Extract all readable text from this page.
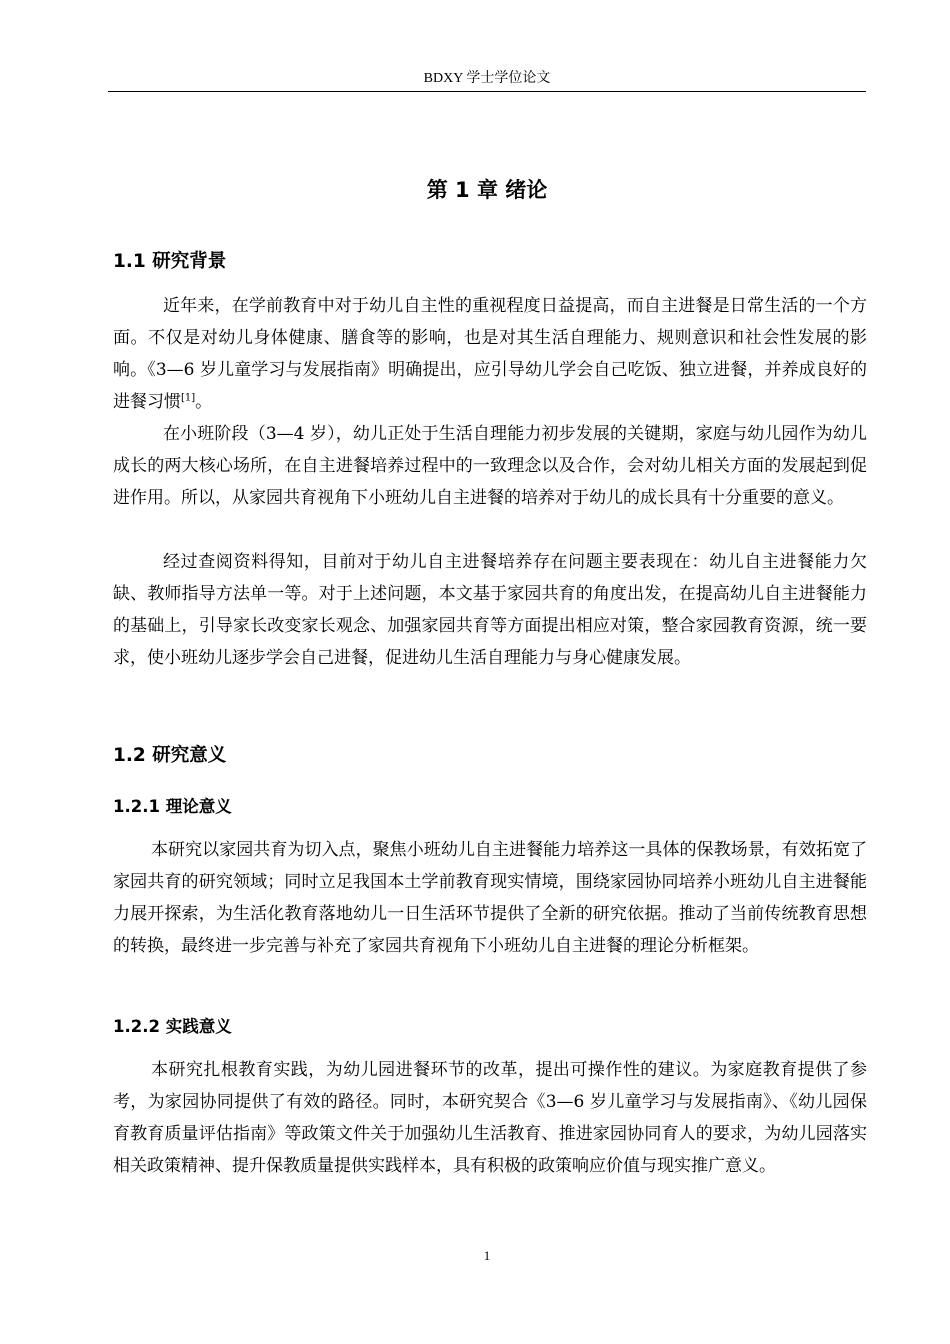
BDXY 学士学位论文
第 1 章 绪论
1.1 研究背景

近年来，在学前教育中对于幼儿自主性的重视程度日益提高，而自主进餐是日常生活的一个方面。不仅是对幼儿身体健康、膳食等的影响，也是对其生活自理能力、规则意识和社会性发展的影响。《3—6 岁儿童学习与发展指南》明确提出，应引导幼儿学会自己吃饭、独立进餐，并养成良好的进餐习惯[1]。

在小班阶段（3—4 岁），幼儿正处于生活自理能力初步发展的关键期，家庭与幼儿园作为幼儿成长的两大核心场所，在自主进餐培养过程中的一致理念以及合作，会对幼儿相关方面的发展起到促进作用。所以，从家园共育视角下小班幼儿自主进餐的培养对于幼儿的成长具有十分重要的意义。

经过查阅资料得知，目前对于幼儿自主进餐培养存在问题主要表现在：幼儿自主进餐能力欠缺、教师指导方法单一等。对于上述问题，本文基于家园共育的角度出发，在提高幼儿自主进餐能力的基础上，引导家长改变家长观念、加强家园共育等方面提出相应对策，整合家园教育资源，统一要求，使小班幼儿逐步学会自己进餐，促进幼儿生活自理能力与身心健康发展。

1.2 研究意义
1.2.1 理论意义

本研究以家园共育为切入点，聚焦小班幼儿自主进餐能力培养这一具体的保教场景，有效拓宽了家园共育的研究领域；同时立足我国本土学前教育现实情境，围绕家园协同培养小班幼儿自主进餐能力展开探索，为生活化教育落地幼儿一日生活环节提供了全新的研究依据。推动了当前传统教育思想的转换，最终进一步完善与补充了家园共育视角下小班幼儿自主进餐的理论分析框架。

1.2.2 实践意义

本研究扎根教育实践，为幼儿园进餐环节的改革，提出可操作性的建议。为家庭教育提供了参考，为家园协同提供了有效的路径。同时，本研究契合《3—6 岁儿童学习与发展指南》、《幼儿园保育教育质量评估指南》等政策文件关于加强幼儿生活教育、推进家园协同育人的要求，为幼儿园落实相关政策精神、提升保教质量提供实践样本，具有积极的政策响应价值与现实推广意义。

1
